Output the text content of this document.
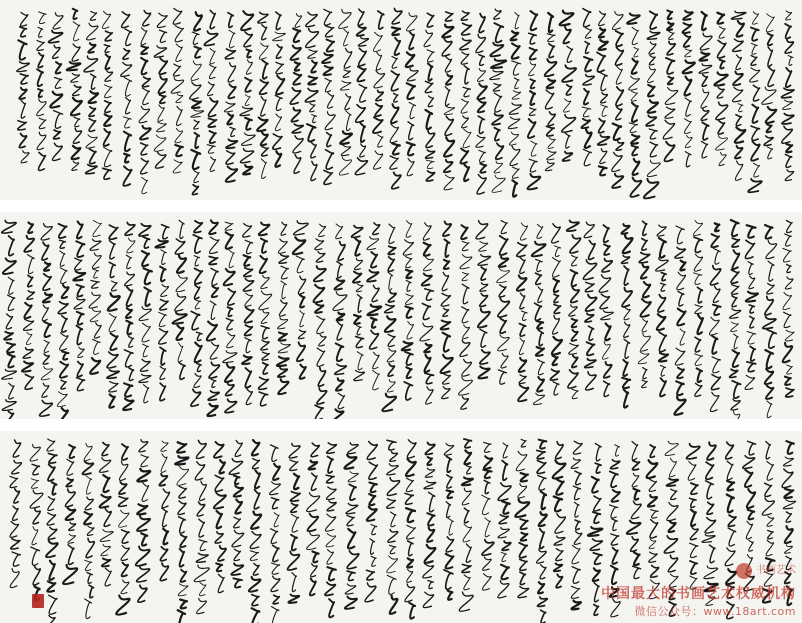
书画艺术
中国最大的书画艺术权威机构
微信公众号：www.18art.com
